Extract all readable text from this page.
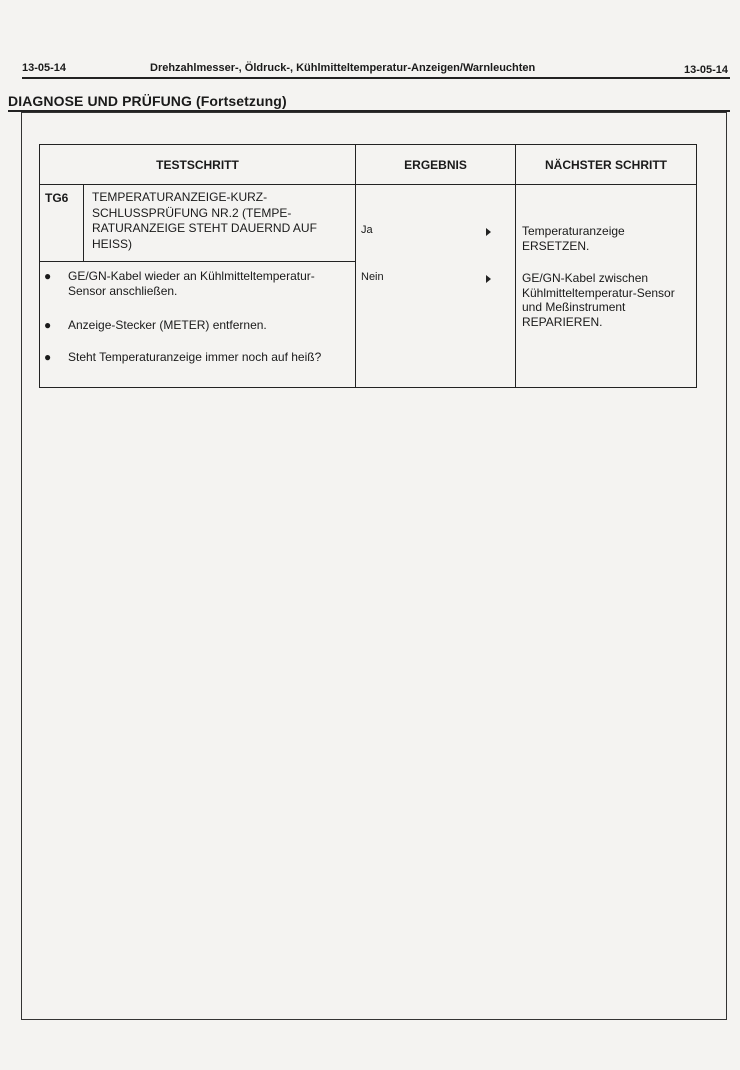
13-05-14	Drehzahlmesser-, Öldruck-, Kühlmitteltemperatur-Anzeigen/Warnleuchten	13-05-14
DIAGNOSE UND PRÜFUNG (Fortsetzung)
TESTSCHRITT	ERGEBNIS	NÄCHSTER SCHRITT
TG6 TEMPERATURANZEIGE-KURZ-SCHLUSSPRÜFUNG NR.2 (TEMPE-RATURANZEIGE STEHT DAUERND AUF HEISS)
● GE/GN-Kabel wieder an Kühlmitteltemperatur-Sensor anschließen.
● Anzeige-Stecker (METER) entfernen.
● Steht Temperaturanzeige immer noch auf heiß?
Ja	Temperaturanzeige ERSETZEN.
Nein	GE/GN-Kabel zwischen Kühlmitteltemperatur-Sensor und Meßinstrument REPARIEREN.
